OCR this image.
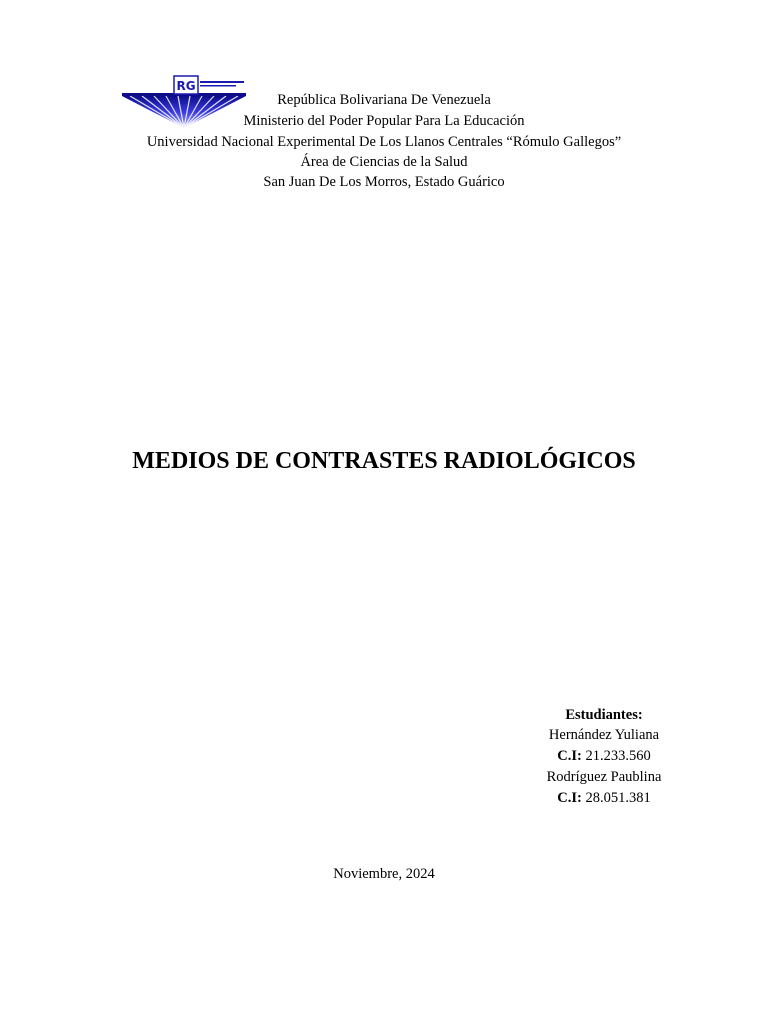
RG
República Bolivariana De Venezuela
Ministerio del Poder Popular Para La Educación
Universidad Nacional Experimental De Los Llanos Centrales “Rómulo Gallegos”
Área de Ciencias de la Salud
San Juan De Los Morros, Estado Guárico
MEDIOS DE CONTRASTES RADIOLÓGICOS
Estudiantes:
Hernández Yuliana
C.I: 21.233.560
Rodríguez Paublina
C.I: 28.051.381
Noviembre, 2024
